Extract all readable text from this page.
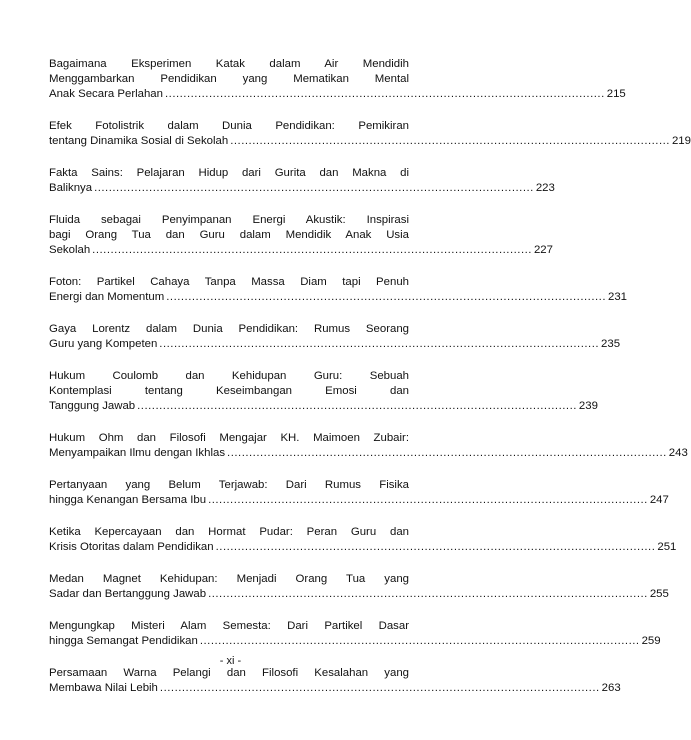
Bagaimana Eksperimen Katak dalam Air Mendidih
Menggambarkan Pendidikan yang Mematikan Mental
Anak Secara Perlahan ........................................................................................................................ 215
Efek Fotolistrik dalam Dunia Pendidikan: Pemikiran
tentang Dinamika Sosial di Sekolah ........................................................................................................................ 219
Fakta Sains: Pelajaran Hidup dari Gurita dan Makna di
Baliknya ........................................................................................................................ 223
Fluida sebagai Penyimpanan Energi Akustik: Inspirasi
bagi Orang Tua dan Guru dalam Mendidik Anak Usia
Sekolah ........................................................................................................................ 227
Foton: Partikel Cahaya Tanpa Massa Diam tapi Penuh
Energi dan Momentum ........................................................................................................................ 231
Gaya Lorentz dalam Dunia Pendidikan: Rumus Seorang
Guru yang Kompeten ........................................................................................................................ 235
Hukum Coulomb dan Kehidupan Guru: Sebuah
Kontemplasi tentang Keseimbangan Emosi dan
Tanggung Jawab ........................................................................................................................ 239
Hukum Ohm dan Filosofi Mengajar KH. Maimoen Zubair:
Menyampaikan Ilmu dengan Ikhlas ........................................................................................................................ 243
Pertanyaan yang Belum Terjawab: Dari Rumus Fisika
hingga Kenangan Bersama Ibu ........................................................................................................................ 247
Ketika Kepercayaan dan Hormat Pudar: Peran Guru dan
Krisis Otoritas dalam Pendidikan ........................................................................................................................ 251
Medan Magnet Kehidupan: Menjadi Orang Tua yang
Sadar dan Bertanggung Jawab ........................................................................................................................ 255
Mengungkap Misteri Alam Semesta: Dari Partikel Dasar
hingga Semangat Pendidikan ........................................................................................................................ 259
Persamaan Warna Pelangi dan Filosofi Kesalahan yang
Membawa Nilai Lebih ........................................................................................................................ 263
- xi -
